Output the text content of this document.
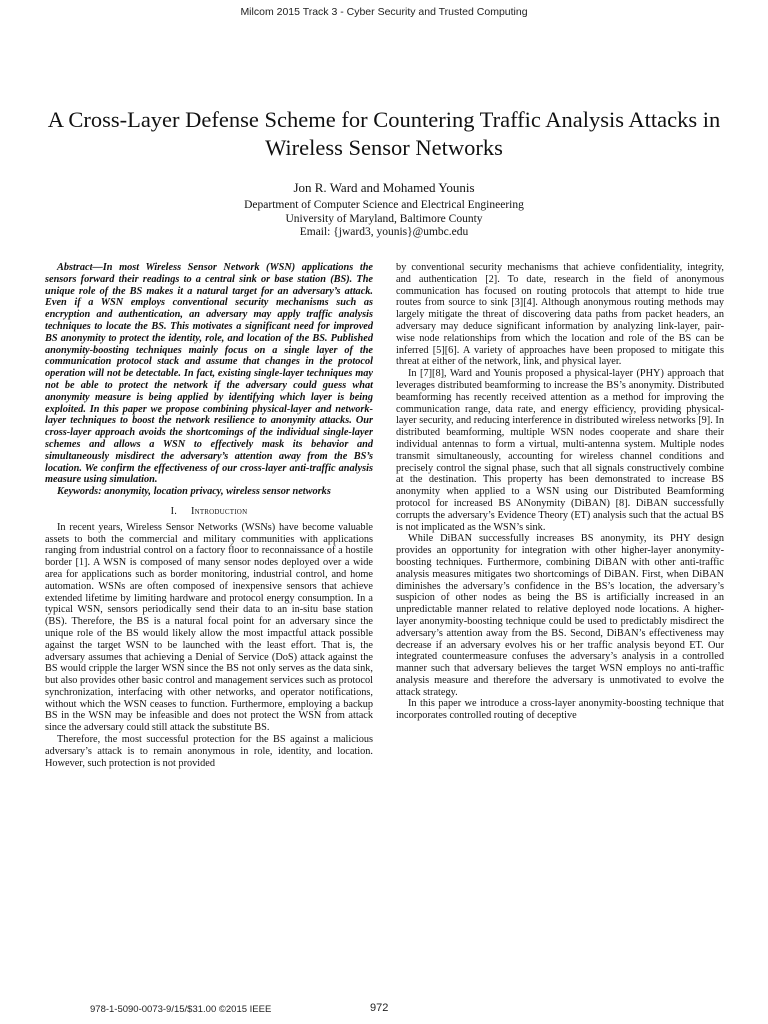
Milcom 2015 Track 3 - Cyber Security and Trusted Computing
A Cross-Layer Defense Scheme for Countering Traffic Analysis Attacks in Wireless Sensor Networks
Jon R. Ward and Mohamed Younis
Department of Computer Science and Electrical Engineering
University of Maryland, Baltimore County
Email: {jward3, younis}@umbc.edu

Abstract—In most Wireless Sensor Network (WSN) applications the sensors forward their readings to a central sink or base station (BS). The unique role of the BS makes it a natural target for an adversary’s attack. Even if a WSN employs conventional security mechanisms such as encryption and authentication, an adversary may apply traffic analysis techniques to locate the BS. This motivates a significant need for improved BS anonymity to protect the identity, role, and location of the BS. Published anonymity-boosting techniques mainly focus on a single layer of the communication protocol stack and assume that changes in the protocol operation will not be detectable. In fact, existing single-layer techniques may not be able to protect the network if the adversary could guess what anonymity measure is being applied by identifying which layer is being exploited. In this paper we propose combining physical-layer and network-layer techniques to boost the network resilience to anonymity attacks. Our cross-layer approach avoids the shortcomings of the individual single-layer schemes and allows a WSN to effectively mask its behavior and simultaneously misdirect the adversary’s attention away from the BS’s location. We confirm the effectiveness of our cross-layer anti-traffic analysis measure using simulation.

Keywords: anonymity, location privacy, wireless sensor networks

I. Introduction

In recent years, Wireless Sensor Networks (WSNs) have become valuable assets to both the commercial and military communities with applications ranging from industrial control on a factory floor to reconnaissance of a hostile border [1]. A WSN is composed of many sensor nodes deployed over a wide area for applications such as border monitoring, industrial control, and home automation. WSNs are often composed of inexpensive sensors that achieve extended lifetime by limiting hardware and protocol energy consumption. In a typical WSN, sensors periodically send their data to an in-situ base station (BS). Therefore, the BS is a natural focal point for an adversary since the unique role of the BS would likely allow the most impactful attack possible against the target WSN to be launched with the least effort. That is, the adversary assumes that achieving a Denial of Service (DoS) attack against the BS would cripple the larger WSN since the BS not only serves as the data sink, but also provides other basic control and management services such as protocol synchronization, interfacing with other networks, and operator notifications, without which the WSN ceases to function. Furthermore, employing a backup BS in the WSN may be infeasible and does not protect the WSN from attack since the adversary could still attack the substitute BS.

Therefore, the most successful protection for the BS against a malicious adversary’s attack is to remain anonymous in role, identity, and location. However, such protection is not provided

by conventional security mechanisms that achieve confidentiality, integrity, and authentication [2]. To date, research in the field of anonymous communication has focused on routing protocols that attempt to hide true routes from source to sink [3][4]. Although anonymous routing methods may largely mitigate the threat of discovering data paths from packet headers, an adversary may deduce significant information by analyzing link-layer, pair-wise node relationships from which the location and role of the BS can be inferred [5][6]. A variety of approaches have been proposed to mitigate this threat at either of the network, link, and physical layer.

In [7][8], Ward and Younis proposed a physical-layer (PHY) approach that leverages distributed beamforming to increase the BS’s anonymity. Distributed beamforming has recently received attention as a method for improving the communication range, data rate, and energy efficiency, providing physical-layer security, and reducing interference in distributed wireless networks [9]. In distributed beamforming, multiple WSN nodes cooperate and share their individual antennas to form a virtual, multi-antenna system. Multiple nodes transmit simultaneously, accounting for wireless channel conditions and precisely control the signal phase, such that all signals constructively combine at the destination. This property has been demonstrated to increase BS anonymity when applied to a WSN using our Distributed Beamforming protocol for increased BS ANonymity (DiBAN) [8]. DiBAN successfully corrupts the adversary’s Evidence Theory (ET) analysis such that the actual BS is not implicated as the WSN’s sink.

While DiBAN successfully increases BS anonymity, its PHY design provides an opportunity for integration with other higher-layer anonymity-boosting techniques. Furthermore, combining DiBAN with other anti-traffic analysis measures mitigates two shortcomings of DiBAN. First, when DiBAN diminishes the adversary’s confidence in the BS’s location, the adversary’s suspicion of other nodes as being the BS is artificially increased in an unpredictable manner related to relative deployed node locations. A higher-layer anonymity-boosting technique could be used to predictably misdirect the adversary’s attention away from the BS. Second, DiBAN’s effectiveness may decrease if an adversary evolves his or her traffic analysis beyond ET. Our integrated countermeasure confuses the adversary’s analysis in a controlled manner such that adversary believes the target WSN employs no anti-traffic analysis measure and therefore the adversary is unmotivated to evolve the attack strategy.

In this paper we introduce a cross-layer anonymity-boosting technique that incorporates controlled routing of deceptive

978-1-5090-0073-9/15/$31.00 ©2015 IEEE	972
